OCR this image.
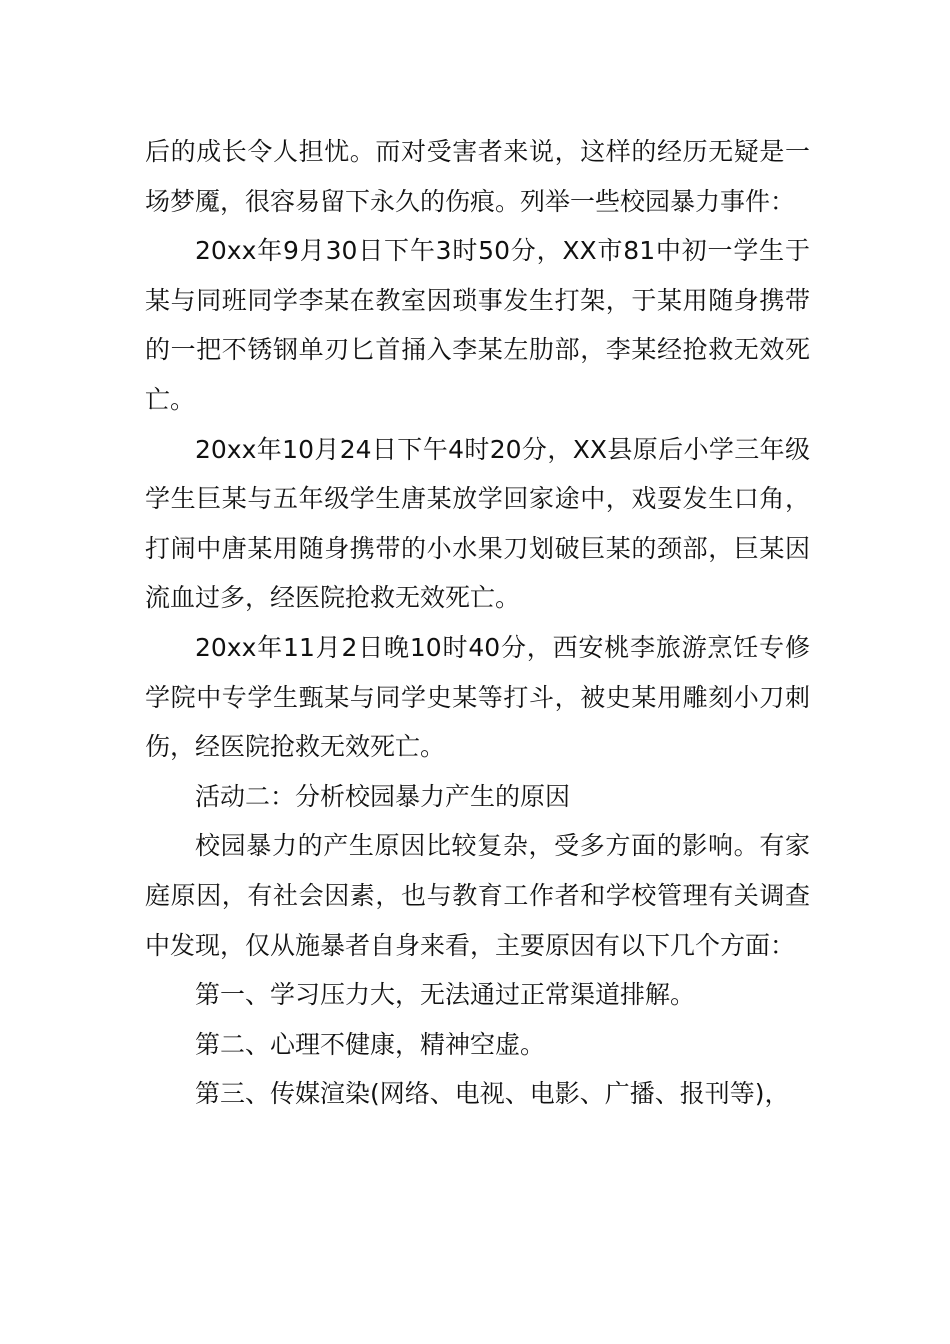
后的成长令人担忧。而对受害者来说，这样的经历无疑是一场梦魇，很容易留下永久的伤痕。列举一些校园暴力事件：

20xx年9月30日下午3时50分，XX市81中初一学生于某与同班同学李某在教室因琐事发生打架，于某用随身携带的一把不锈钢单刃匕首捅入李某左肋部，李某经抢救无效死亡。

20xx年10月24日下午4时20分，XX县原后小学三年级学生巨某与五年级学生唐某放学回家途中，戏耍发生口角，打闹中唐某用随身携带的小水果刀划破巨某的颈部，巨某因流血过多，经医院抢救无效死亡。

20xx年11月2日晚10时40分，西安桃李旅游烹饪专修学院中专学生甄某与同学史某等打斗，被史某用雕刻小刀刺伤，经医院抢救无效死亡。

活动二：分析校园暴力产生的原因

校园暴力的产生原因比较复杂，受多方面的影响。有家庭原因，有社会因素，也与教育工作者和学校管理有关调查中发现，仅从施暴者自身来看，主要原因有以下几个方面：

第一、学习压力大，无法通过正常渠道排解。

第二、心理不健康，精神空虚。

第三、传媒渲染(网络、电视、电影、广播、报刊等)，
